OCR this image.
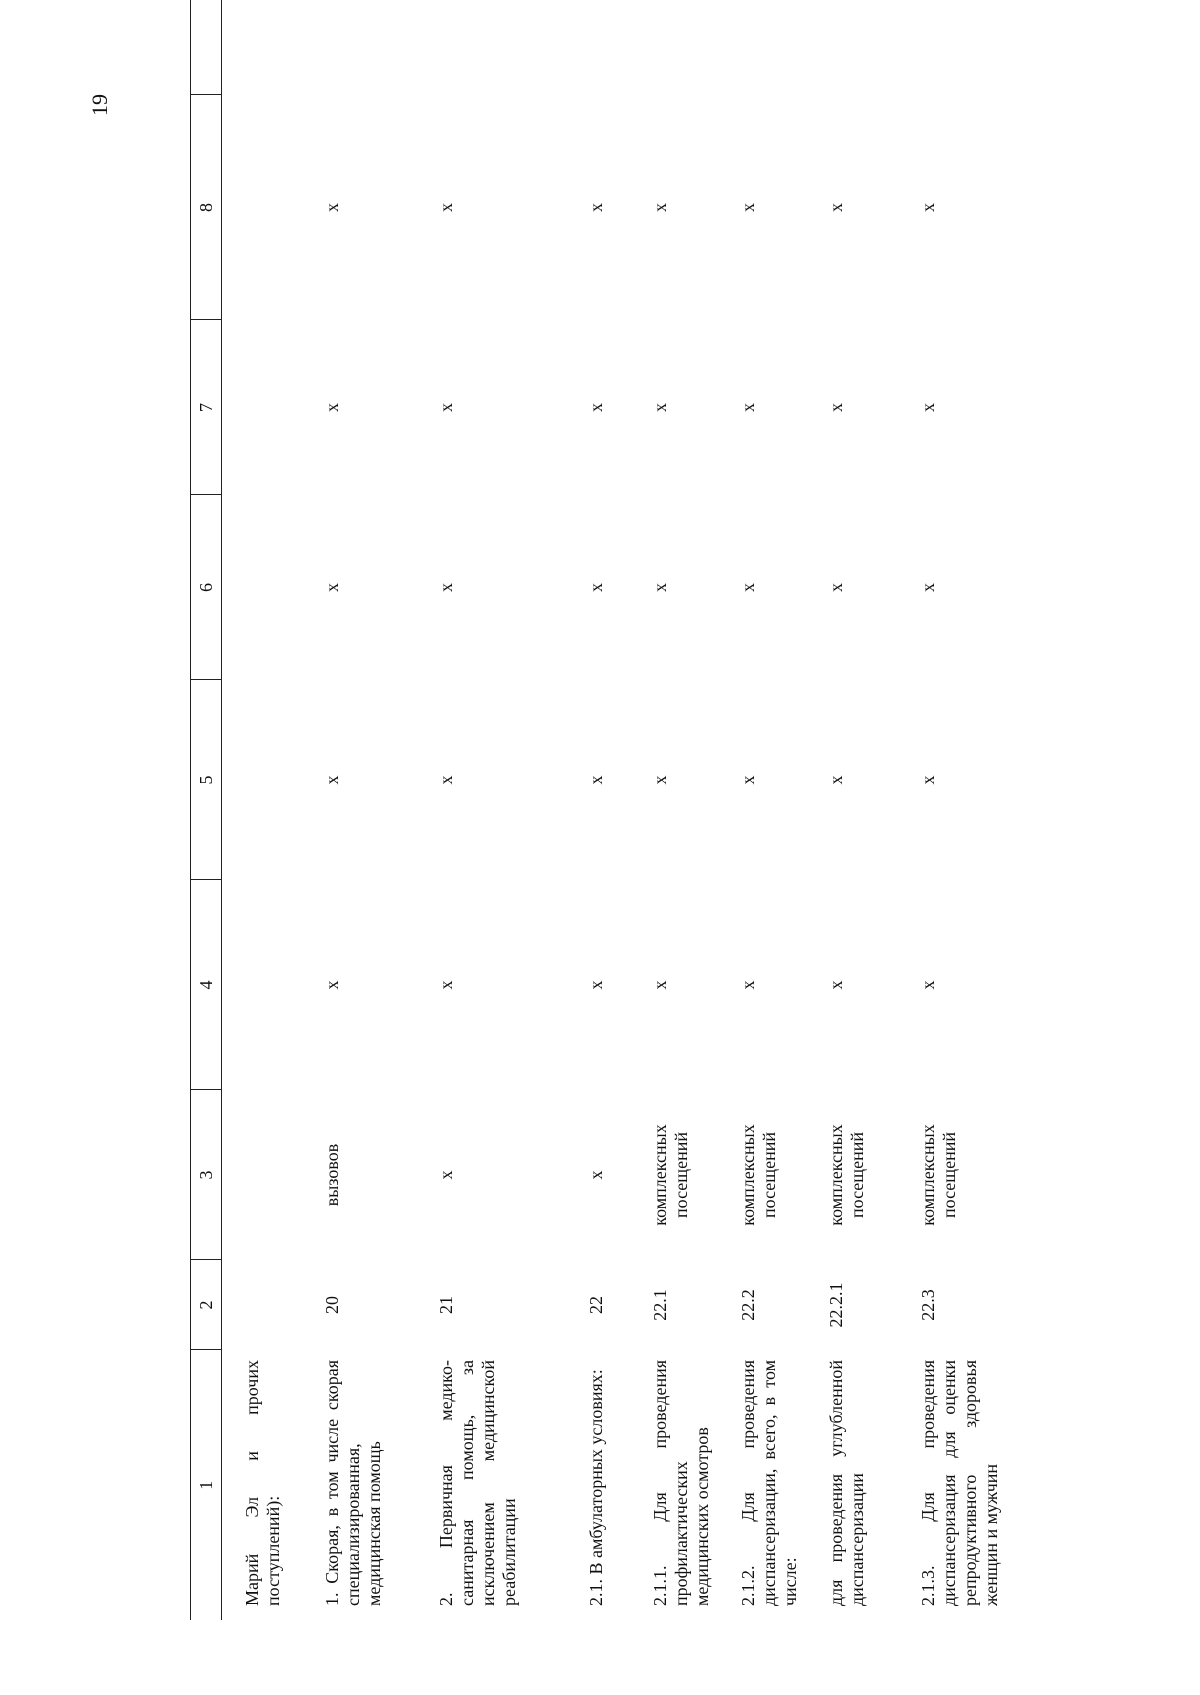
19
1	2	3	4	5	6	7	8		
Марий Эл и прочих поступлений):									
1. Скорая, в том числе скорая специализированная, медицинская помощь	20	вызовов	x	x	x	x	x		
2. Первичная медико-санитарная помощь, за исключением медицинской реабилитации	21	x	x	x	x	x	x		
2.1. В амбулаторных условиях:	22	x	x	x	x	x	x		
2.1.1. Для проведения профилактических медицинских осмотров	22.1	комплексных посещений	x	x	x	x	x		
2.1.2. Для проведения диспансеризации, всего, в том числе:	22.2	комплексных посещений	x	x	x	x	x		
для проведения углубленной диспансеризации	22.2.1	комплексных посещений	x	x	x	x	x		
2.1.3. Для проведения диспансеризация для оценки репродуктивного здоровья женщин и мужчин	22.3	комплексных посещений	x	x	x	x	x		
